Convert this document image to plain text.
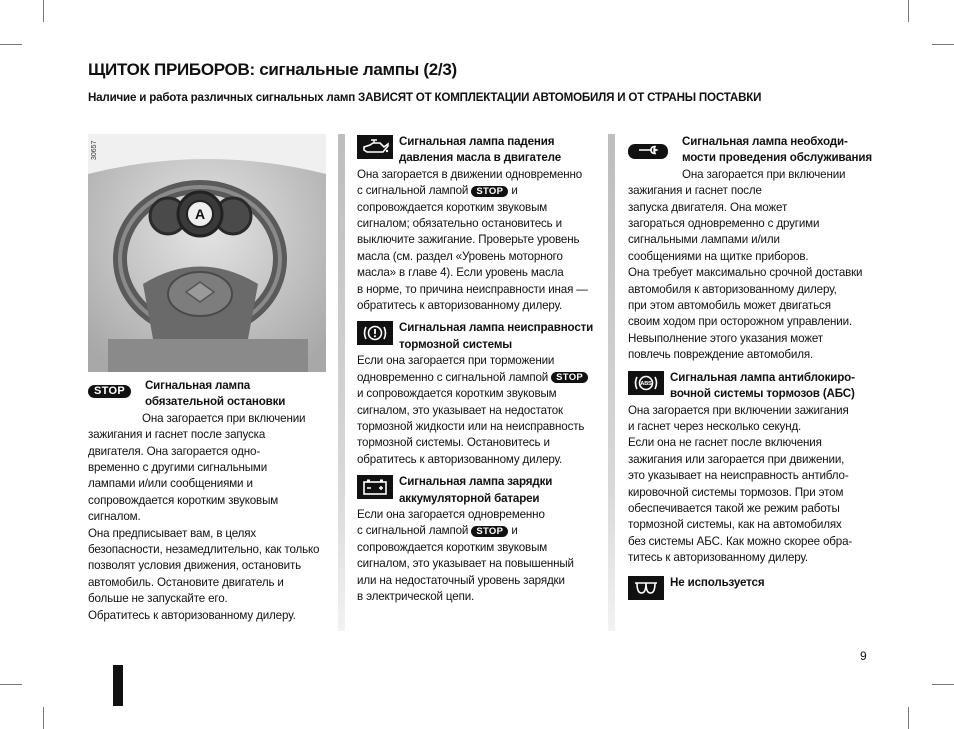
ЩИТОК ПРИБОРОВ: сигнальные лампы (2/3)
Наличие и работа различных сигнальных ламп ЗАВИСЯТ ОТ КОМПЛЕКТАЦИИ АВТОМОБИЛЯ И ОТ СТРАНЫ ПОСТАВКИ
A
30657
STOP	Сигнальная лампа
обязательной остановки

Она загорается при включении
зажигания и гаснет после запуска
двигателя. Она загорается одно-
временно с другими сигнальными
лампами и/или сообщениями и
сопровождается коротким звуковым
сигналом.
Она предписывает вам, в целях
безопасности, незамедлительно, как только
позволят условия движения, остановить
автомобиль. Остановите двигатель и
больше не запускайте его.
Обратитесь к авторизованному дилеру.

Сигнальная лампа падения
давления масла в двигателе

Она загорается в движении одновременно
с сигнальной лампой STOP и
сопровождается коротким звуковым
сигналом; обязательно остановитесь и
выключите зажигание. Проверьте уровень
масла (см. раздел «Уровень моторного
масла» в главе 4). Если уровень масла
в норме, то причина неисправности иная —
обратитесь к авторизованному дилеру.

Сигнальная лампа неисправности
тормозной системы

Если она загорается при торможении
одновременно с сигнальной лампой STOP
и сопровождается коротким звуковым
сигналом, это указывает на недостаток
тормозной жидкости или на неисправность
тормозной системы. Остановитесь и
обратитесь к авторизованному дилеру.

Сигнальная лампа зарядки
аккумуляторной батареи

Если она загорается одновременно
с сигнальной лампой STOP и
сопровождается коротким звуковым
сигналом, это указывает на повышенный
или на недостаточный уровень зарядки
в электрической цепи.

Сигнальная лампа необходи-
мости проведения обслуживания

Она загорается при включении
зажигания и гаснет после
запуска двигателя. Она может
загораться одновременно с другими
сигнальными лампами и/или
сообщениями на щитке приборов.
Она требует максимально срочной доставки
автомобиля к авторизованному дилеру,
при этом автомобиль может двигаться
своим ходом при осторожном управлении.
Невыполнение этого указания может
повлечь повреждение автомобиля.

ABS
Сигнальная лампа антиблокиро-
вочной системы тормозов (АБС)

Она загорается при включении зажигания
и гаснет через несколько секунд.
Если она не гаснет после включения
зажигания или загорается при движении,
это указывает на неисправность антибло-
кировочной системы тормозов. При этом
обеспечивается такой же режим работы
тормозной системы, как на автомобилях
без системы АБС. Как можно скорее обра-
титесь к авторизованному дилеру.

Не используется
9
